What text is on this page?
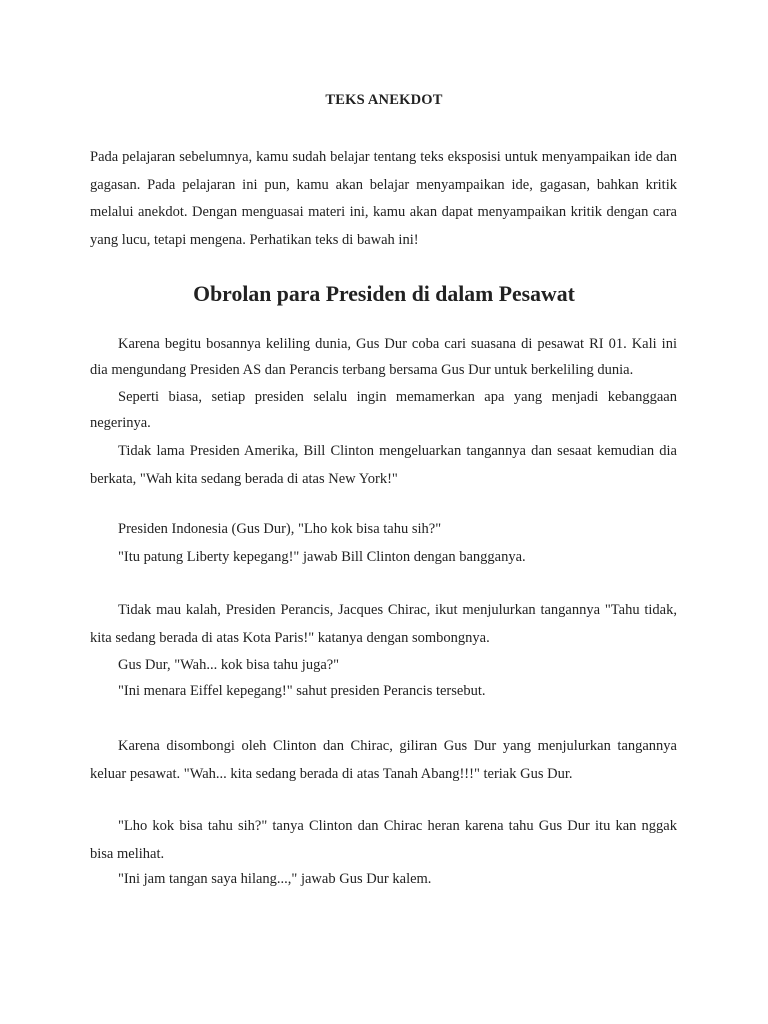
TEKS ANEKDOT

Pada pelajaran sebelumnya, kamu sudah belajar tentang teks eksposisi untuk menyampaikan ide dan gagasan. Pada pelajaran ini pun, kamu akan belajar menyampaikan ide, gagasan, bahkan kritik melalui anekdot. Dengan menguasai materi ini, kamu akan dapat menyampaikan kritik dengan cara yang lucu, tetapi mengena. Perhatikan teks di bawah ini!

Obrolan para Presiden di dalam Pesawat

Karena begitu bosannya keliling dunia, Gus Dur coba cari suasana di pesawat RI 01. Kali ini dia mengundang Presiden AS dan Perancis terbang bersama Gus Dur untuk berkeliling dunia.

Seperti biasa, setiap presiden selalu ingin memamerkan apa yang menjadi kebanggaan negerinya.

Tidak lama Presiden Amerika, Bill Clinton mengeluarkan tangannya dan sesaat kemudian dia berkata, "Wah kita sedang berada di atas New York!"

Presiden Indonesia (Gus Dur), "Lho kok bisa tahu sih?"

"Itu patung Liberty kepegang!" jawab Bill Clinton dengan bangganya.

Tidak mau kalah, Presiden Perancis, Jacques Chirac, ikut menjulurkan tangannya "Tahu tidak, kita sedang berada di atas Kota Paris!" katanya dengan sombongnya.

Gus Dur, "Wah... kok bisa tahu juga?"

"Ini menara Eiffel kepegang!" sahut presiden Perancis tersebut.

Karena disombongi oleh Clinton dan Chirac, giliran Gus Dur yang menjulurkan tangannya keluar pesawat. "Wah... kita sedang berada di atas Tanah Abang!!!" teriak Gus Dur.

"Lho kok bisa tahu sih?" tanya Clinton dan Chirac heran karena tahu Gus Dur itu kan nggak bisa melihat.

"Ini jam tangan saya hilang...," jawab Gus Dur kalem.
